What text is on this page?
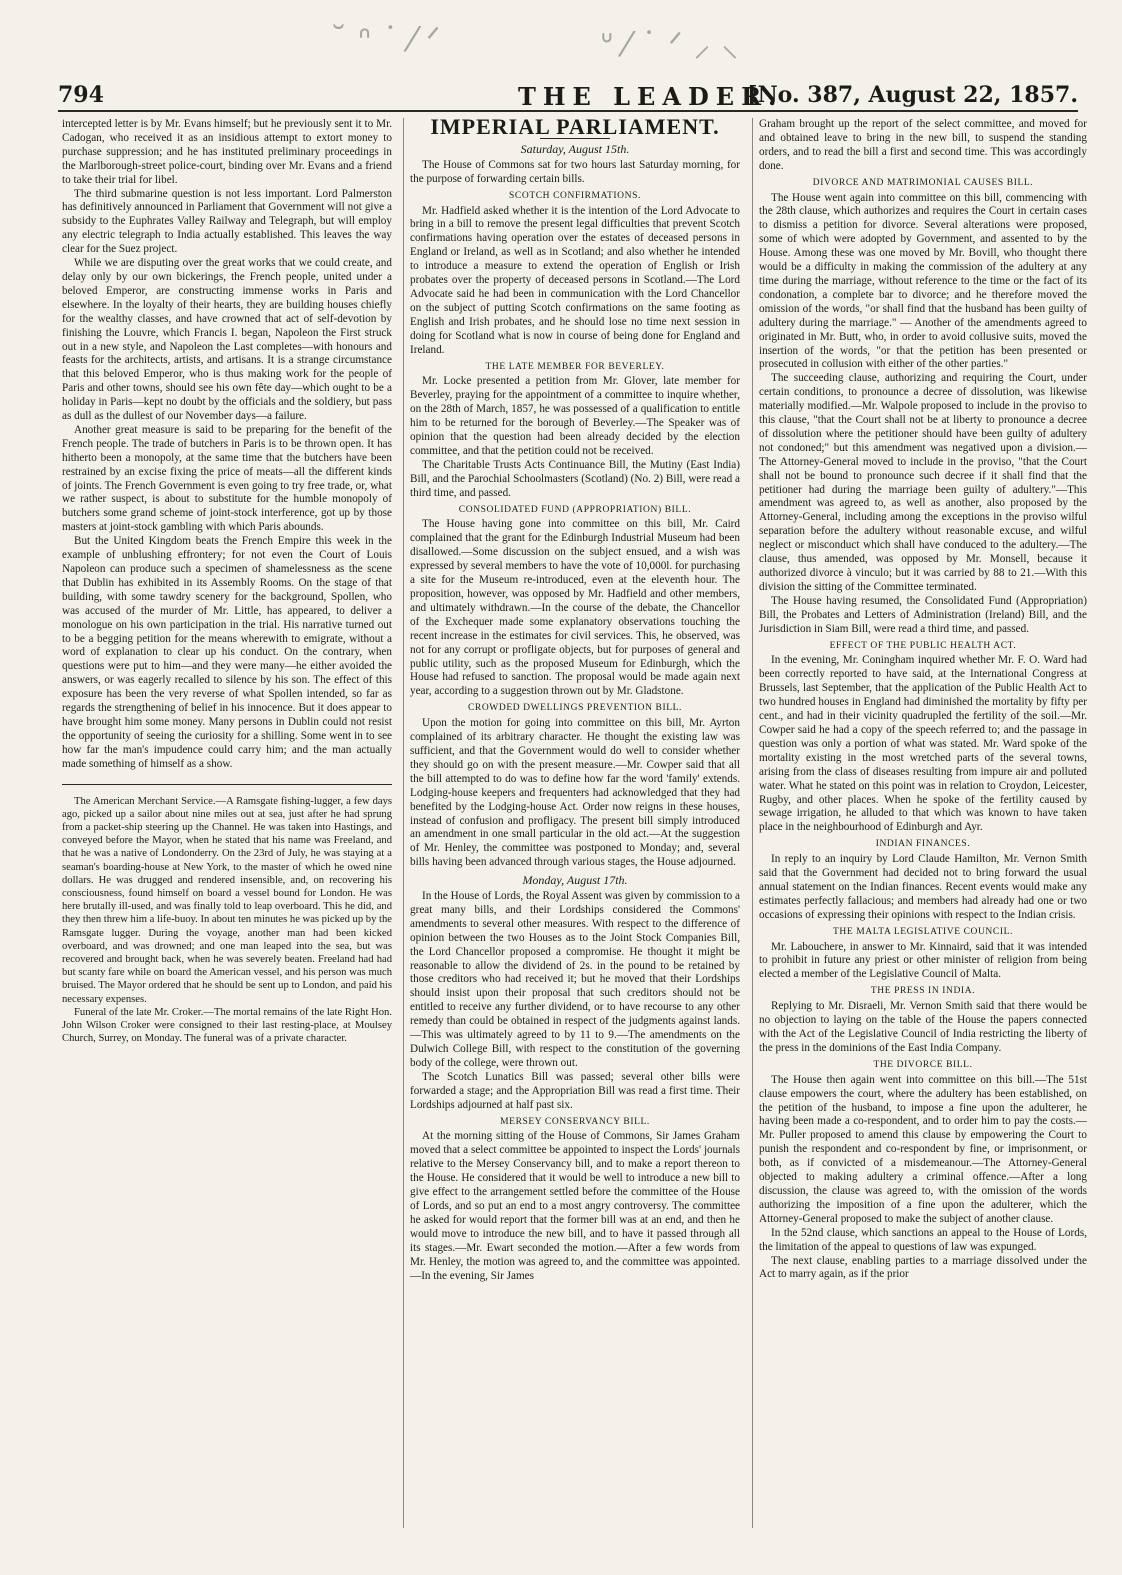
˘ ᐢ ˙ ⁄ ᐟ	ᐡ ⁄ ˙ ᐟ ⸝ ⸜
794	THE LEADER.
[No. 387, August 22, 1857.

intercepted letter is by Mr. Evans himself; but he previously sent it to Mr. Cadogan, who received it as an insidious attempt to extort money to purchase suppression; and he has instituted preliminary proceedings in the Marlborough-street police-court, binding over Mr. Evans and a friend to take their trial for libel.

The third submarine question is not less important. Lord Palmerston has definitively announced in Parliament that Government will not give a subsidy to the Euphrates Valley Railway and Telegraph, but will employ any electric telegraph to India actually established. This leaves the way clear for the Suez project.

While we are disputing over the great works that we could create, and delay only by our own bickerings, the French people, united under a beloved Emperor, are constructing immense works in Paris and elsewhere. In the loyalty of their hearts, they are building houses chiefly for the wealthy classes, and have crowned that act of self-devotion by finishing the Louvre, which Francis I. began, Napoleon the First struck out in a new style, and Napoleon the Last completes—with honours and feasts for the architects, artists, and artisans. It is a strange circumstance that this beloved Emperor, who is thus making work for the people of Paris and other towns, should see his own fête day—which ought to be a holiday in Paris—kept no doubt by the officials and the soldiery, but pass as dull as the dullest of our November days—a failure.

Another great measure is said to be preparing for the benefit of the French people. The trade of butchers in Paris is to be thrown open. It has hitherto been a monopoly, at the same time that the butchers have been restrained by an excise fixing the price of meats—all the different kinds of joints. The French Government is even going to try free trade, or, what we rather suspect, is about to substitute for the humble monopoly of butchers some grand scheme of joint-stock interference, got up by those masters at joint-stock gambling with which Paris abounds.

But the United Kingdom beats the French Empire this week in the example of unblushing effrontery; for not even the Court of Louis Napoleon can produce such a specimen of shamelessness as the scene that Dublin has exhibited in its Assembly Rooms. On the stage of that building, with some tawdry scenery for the background, Spollen, who was accused of the murder of Mr. Little, has appeared, to deliver a monologue on his own participation in the trial. His narrative turned out to be a begging petition for the means wherewith to emigrate, without a word of explanation to clear up his conduct. On the contrary, when questions were put to him—and they were many—he either avoided the answers, or was eagerly recalled to silence by his son. The effect of this exposure has been the very reverse of what Spollen intended, so far as regards the strengthening of belief in his innocence. But it does appear to have brought him some money. Many persons in Dublin could not resist the opportunity of seeing the curiosity for a shilling. Some went in to see how far the man's impudence could carry him; and the man actually made something of himself as a show.

The American Merchant Service.—A Ramsgate fishing-lugger, a few days ago, picked up a sailor about nine miles out at sea, just after he had sprung from a packet-ship steering up the Channel. He was taken into Hastings, and conveyed before the Mayor, when he stated that his name was Freeland, and that he was a native of Londonderry. On the 23rd of July, he was staying at a seaman's boarding-house at New York, to the master of which he owed nine dollars. He was drugged and rendered insensible, and, on recovering his consciousness, found himself on board a vessel bound for London. He was here brutally ill-used, and was finally told to leap overboard. This he did, and they then threw him a life-buoy. In about ten minutes he was picked up by the Ramsgate lugger. During the voyage, another man had been kicked overboard, and was drowned; and one man leaped into the sea, but was recovered and brought back, when he was severely beaten. Freeland had had but scanty fare while on board the American vessel, and his person was much bruised. The Mayor ordered that he should be sent up to London, and paid his necessary expenses.

Funeral of the late Mr. Croker.—The mortal remains of the late Right Hon. John Wilson Croker were consigned to their last resting-place, at Moulsey Church, Surrey, on Monday. The funeral was of a private character.

IMPERIAL PARLIAMENT.
Saturday, August 15th.

The House of Commons sat for two hours last Saturday morning, for the purpose of forwarding certain bills.

SCOTCH CONFIRMATIONS.

Mr. Hadfield asked whether it is the intention of the Lord Advocate to bring in a bill to remove the present legal difficulties that prevent Scotch confirmations having operation over the estates of deceased persons in England or Ireland, as well as in Scotland; and also whether he intended to introduce a measure to extend the operation of English or Irish probates over the property of deceased persons in Scotland.—The Lord Advocate said he had been in communication with the Lord Chancellor on the subject of putting Scotch confirmations on the same footing as English and Irish probates, and he should lose no time next session in doing for Scotland what is now in course of being done for England and Ireland.

THE LATE MEMBER FOR BEVERLEY.

Mr. Locke presented a petition from Mr. Glover, late member for Beverley, praying for the appointment of a committee to inquire whether, on the 28th of March, 1857, he was possessed of a qualification to entitle him to be returned for the borough of Beverley.—The Speaker was of opinion that the question had been already decided by the election committee, and that the petition could not be received.

The Charitable Trusts Acts Continuance Bill, the Mutiny (East India) Bill, and the Parochial Schoolmasters (Scotland) (No. 2) Bill, were read a third time, and passed.

CONSOLIDATED FUND (APPROPRIATION) BILL.

The House having gone into committee on this bill, Mr. Caird complained that the grant for the Edinburgh Industrial Museum had been disallowed.—Some discussion on the subject ensued, and a wish was expressed by several members to have the vote of 10,000l. for purchasing a site for the Museum re-introduced, even at the eleventh hour. The proposition, however, was opposed by Mr. Hadfield and other members, and ultimately withdrawn.—In the course of the debate, the Chancellor of the Exchequer made some explanatory observations touching the recent increase in the estimates for civil services. This, he observed, was not for any corrupt or profligate objects, but for purposes of general and public utility, such as the proposed Museum for Edinburgh, which the House had refused to sanction. The proposal would be made again next year, according to a suggestion thrown out by Mr. Gladstone.

CROWDED DWELLINGS PREVENTION BILL.

Upon the motion for going into committee on this bill, Mr. Ayrton complained of its arbitrary character. He thought the existing law was sufficient, and that the Government would do well to consider whether they should go on with the present measure.—Mr. Cowper said that all the bill attempted to do was to define how far the word 'family' extends. Lodging-house keepers and frequenters had acknowledged that they had benefited by the Lodging-house Act. Order now reigns in these houses, instead of confusion and profligacy. The present bill simply introduced an amendment in one small particular in the old act.—At the suggestion of Mr. Henley, the committee was postponed to Monday; and, several bills having been advanced through various stages, the House adjourned.

Monday, August 17th.

In the House of Lords, the Royal Assent was given by commission to a great many bills, and their Lordships considered the Commons' amendments to several other measures. With respect to the difference of opinion between the two Houses as to the Joint Stock Companies Bill, the Lord Chancellor proposed a compromise. He thought it might be reasonable to allow the dividend of 2s. in the pound to be retained by those creditors who had received it; but he moved that their Lordships should insist upon their proposal that such creditors should not be entitled to receive any further dividend, or to have recourse to any other remedy than could be obtained in respect of the judgments against lands.—This was ultimately agreed to by 11 to 9.—The amendments on the Dulwich College Bill, with respect to the constitution of the governing body of the college, were thrown out.

The Scotch Lunatics Bill was passed; several other bills were forwarded a stage; and the Appropriation Bill was read a first time. Their Lordships adjourned at half past six.

MERSEY CONSERVANCY BILL.

At the morning sitting of the House of Commons, Sir James Graham moved that a select committee be appointed to inspect the Lords' journals relative to the Mersey Conservancy bill, and to make a report thereon to the House. He considered that it would be well to introduce a new bill to give effect to the arrangement settled before the committee of the House of Lords, and so put an end to a most angry controversy. The committee he asked for would report that the former bill was at an end, and then he would move to introduce the new bill, and to have it passed through all its stages.—Mr. Ewart seconded the motion.—After a few words from Mr. Henley, the motion was agreed to, and the committee was appointed.—In the evening, Sir James

Graham brought up the report of the select committee, and moved for and obtained leave to bring in the new bill, to suspend the standing orders, and to read the bill a first and second time. This was accordingly done.

DIVORCE AND MATRIMONIAL CAUSES BILL.

The House went again into committee on this bill, commencing with the 28th clause, which authorizes and requires the Court in certain cases to dismiss a petition for divorce. Several alterations were proposed, some of which were adopted by Government, and assented to by the House. Among these was one moved by Mr. Bovill, who thought there would be a difficulty in making the commission of the adultery at any time during the marriage, without reference to the time or the fact of its condonation, a complete bar to divorce; and he therefore moved the omission of the words, "or shall find that the husband has been guilty of adultery during the marriage." — Another of the amendments agreed to originated in Mr. Butt, who, in order to avoid collusive suits, moved the insertion of the words, "or that the petition has been presented or prosecuted in collusion with either of the other parties."

The succeeding clause, authorizing and requiring the Court, under certain conditions, to pronounce a decree of dissolution, was likewise materially modified.—Mr. Walpole proposed to include in the proviso to this clause, "that the Court shall not be at liberty to pronounce a decree of dissolution where the petitioner should have been guilty of adultery not condoned;" but this amendment was negatived upon a division.—The Attorney-General moved to include in the proviso, "that the Court shall not be bound to pronounce such decree if it shall find that the petitioner had during the marriage been guilty of adultery."—This amendment was agreed to, as well as another, also proposed by the Attorney-General, including among the exceptions in the proviso wilful separation before the adultery without reasonable excuse, and wilful neglect or misconduct which shall have conduced to the adultery.—The clause, thus amended, was opposed by Mr. Monsell, because it authorized divorce à vinculo; but it was carried by 88 to 21.—With this division the sitting of the Committee terminated.

The House having resumed, the Consolidated Fund (Appropriation) Bill, the Probates and Letters of Administration (Ireland) Bill, and the Jurisdiction in Siam Bill, were read a third time, and passed.

EFFECT OF THE PUBLIC HEALTH ACT.

In the evening, Mr. Coningham inquired whether Mr. F. O. Ward had been correctly reported to have said, at the International Congress at Brussels, last September, that the application of the Public Health Act to two hundred houses in England had diminished the mortality by fifty per cent., and had in their vicinity quadrupled the fertility of the soil.—Mr. Cowper said he had a copy of the speech referred to; and the passage in question was only a portion of what was stated. Mr. Ward spoke of the mortality existing in the most wretched parts of the several towns, arising from the class of diseases resulting from impure air and polluted water. What he stated on this point was in relation to Croydon, Leicester, Rugby, and other places. When he spoke of the fertility caused by sewage irrigation, he alluded to that which was known to have taken place in the neighbourhood of Edinburgh and Ayr.

INDIAN FINANCES.

In reply to an inquiry by Lord Claude Hamilton, Mr. Vernon Smith said that the Government had decided not to bring forward the usual annual statement on the Indian finances. Recent events would make any estimates perfectly fallacious; and members had already had one or two occasions of expressing their opinions with respect to the Indian crisis.

THE MALTA LEGISLATIVE COUNCIL.

Mr. Labouchere, in answer to Mr. Kinnaird, said that it was intended to prohibit in future any priest or other minister of religion from being elected a member of the Legislative Council of Malta.

THE PRESS IN INDIA.

Replying to Mr. Disraeli, Mr. Vernon Smith said that there would be no objection to laying on the table of the House the papers connected with the Act of the Legislative Council of India restricting the liberty of the press in the dominions of the East India Company.

THE DIVORCE BILL.

The House then again went into committee on this bill.—The 51st clause empowers the court, where the adultery has been established, on the petition of the husband, to impose a fine upon the adulterer, he having been made a co-respondent, and to order him to pay the costs.—Mr. Puller proposed to amend this clause by empowering the Court to punish the respondent and co-respondent by fine, or imprisonment, or both, as if convicted of a misdemeanour.—The Attorney-General objected to making adultery a criminal offence.—After a long discussion, the clause was agreed to, with the omission of the words authorizing the imposition of a fine upon the adulterer, which the Attorney-General proposed to make the subject of another clause.

In the 52nd clause, which sanctions an appeal to the House of Lords, the limitation of the appeal to questions of law was expunged.

The next clause, enabling parties to a marriage dissolved under the Act to marry again, as if the prior
